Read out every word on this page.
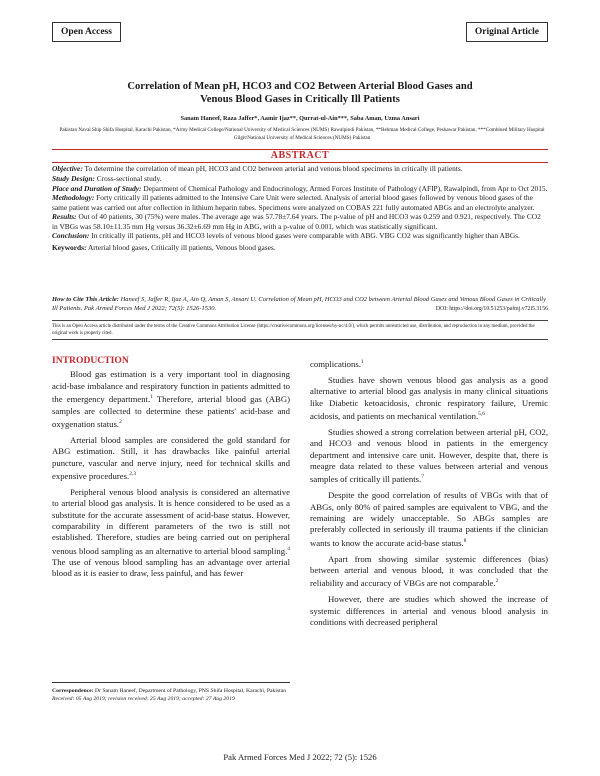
Open Access	Original Article
Correlation of Mean pH, HCO3 and CO2 Between Arterial Blood Gases and
Venous Blood Gases in Critically Ill Patients
Sanam Haneef, Raza Jaffer*, Aamir Ijaz**, Qurrat-ul-Ain***, Saba Aman, Uzma Ansari
Pakistan Naval Ship Shifa Hospital, Karachi Pakistan, *Army Medical College/National University of Medical Sciences (NUMS) Rawalpindi Pakistan, **Rehman Medical College, Peshawar Pakistan, ***Combined Military Hospital Gilgit/National University of Medical Sciences (NUMS) Pakistan
ABSTRACT

Objective: To determine the correlation of mean pH, HCO3 and CO2 between arterial and venous blood specimens in critically ill patients.

Study Design: Cross-sectional study.

Place and Duration of Study: Department of Chemical Pathology and Endocrinology, Armed Forces Institute of Pathology (AFIP), Rawalpindi, from Apr to Oct 2015.

Methodology: Forty critically ill patients admitted to the Intensive Care Unit were selected. Analysis of arterial blood gases followed by venous blood gases of the same patient was carried out after collection in lithium heparin tubes. Specimens were analyzed on COBAS 221 fully automated ABGs and an electrolyte analyzer.

Results: Out of 40 patients, 30 (75%) were males. The average age was 57.78±7.64 years. The p-value of pH and HCO3 was 0.259 and 0.921, respectively. The CO2 in VBGs was 58.10±11.35 mm Hg versus 36.32±6.69 mm Hg in ABG, with a p-value of 0.001, which was statistically significant.

Conclusion: In critically ill patients, pH and HCO3 levels of venous blood gases were comparable with ABG. VBG CO2 was significantly higher than ABGs.

Keywords: Arterial blood gases, Critically ill patients, Venous blood gases.

How to Cite This Article: Haneef S, Jaffer R, Ijaz A, Ain Q, Aman S, Ansari U. Correlation of Mean pH, HCO3 and CO2 between Arterial Blood Gases and Venous Blood Gases in Critically Ill Patients. Pak Armed Forces Med J 2022; 72(5): 1526-1530.	DOI: https://doi.org/10.51253/pafmj.v72i5.3156
This is an Open Access article distributed under the terms of the Creative Commons Attribution License (https://creativecommons.org/licenses/by-nc/4.0/), which permits unrestricted use, distribution, and reproduction in any medium, provided the original work is properly cited.
INTRODUCTION

Blood gas estimation is a very important tool in diagnosing acid-base imbalance and respiratory function in patients admitted to the emergency department.$^1$ Therefore, arterial blood gas (ABG) samples are collected to determine these patients' acid-base and oxygenation status.$^2$

Arterial blood samples are considered the gold standard for ABG estimation. Still, it has drawbacks like painful arterial puncture, vascular and nerve injury, need for technical skills and expensive procedures.$^{2,3}$

Peripheral venous blood analysis is considered an alternative to arterial blood gas analysis. It is hence considered to be used as a substitute for the accurate assessment of acid-base status. However, comparability in different parameters of the two is still not established. Therefore, studies are being carried out on peripheral venous blood sampling as an alternative to arterial blood sampling.$^4$ The use of venous blood sampling has an advantage over arterial blood as it is easier to draw, less painful, and has fewer

Correspondence: Dr Sanam Haneef, Department of Pathology, PNS Shifa Hospital, Karachi, Pakistan
Received: 05 Aug 2019; revision received: 25 Aug 2019; accepted: 27 Aug 2019

complications.$^1$

Studies have shown venous blood gas analysis as a good alternative to arterial blood gas analysis in many clinical situations like Diabetic ketoacidosis, chronic respiratory failure, Uremic acidosis, and patients on mechanical ventilation.$^{5,6}$

Studies showed a strong correlation between arterial pH, CO2, and HCO3 and venous blood in patients in the emergency department and intensive care unit. However, despite that, there is meagre data related to these values between arterial and venous samples of critically ill patients.$^7$

Despite the good correlation of results of VBGs with that of ABGs, only 80% of paired samples are equivalent to VBG, and the remaining are widely unacceptable. So ABGs samples are preferably collected in seriously ill trauma patients if the clinician wants to know the accurate acid-base status.$^8$

Apart from showing similar systemic differences (bias) between arterial and venous blood, it was concluded that the reliability and accuracy of VBGs are not comparable.$^2$

However, there are studies which showed the increase of systemic differences in arterial and venous blood analysis in conditions with decreased peripheral

Pak Armed Forces Med J 2022; 72 (5): 1526
